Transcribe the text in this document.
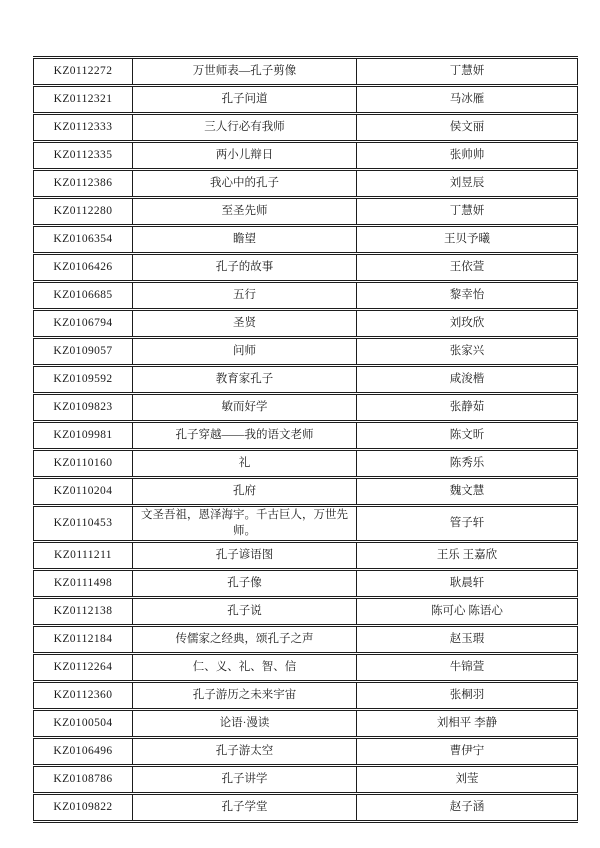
KZ0112272	万世师表—孔子剪像	丁慧妍
KZ0112321	孔子问道	马冰雁
KZ0112333	三人行必有我师	侯文丽
KZ0112335	两小儿辩日	张帅帅
KZ0112386	我心中的孔子	刘昱辰
KZ0112280	至圣先师	丁慧妍
KZ0106354	瞻望	王贝予曦
KZ0106426	孔子的故事	王依萱
KZ0106685	五行	黎幸怡
KZ0106794	圣贤	刘玫欣
KZ0109057	问师	张家兴
KZ0109592	教育家孔子	咸浚楷
KZ0109823	敏而好学	张静茹
KZ0109981	孔子穿越——我的语文老师	陈文昕
KZ0110160	礼	陈秀乐
KZ0110204	孔府	魏文慧
KZ0110453	文圣吾祖，恩泽海宇。千古巨人，万世先师。	管子轩
KZ0111211	孔子谚语图	王乐 王嘉欣
KZ0111498	孔子像	耿晨轩
KZ0112138	孔子说	陈可心 陈语心
KZ0112184	传儒家之经典，颂孔子之声	赵玉瑕
KZ0112264	仁、义、礼、智、信	牛锦萱
KZ0112360	孔子游历之未来宇宙	张桐羽
KZ0100504	论语·漫读	刘相平 李静
KZ0106496	孔子游太空	曹伊宁
KZ0108786	孔子讲学	刘莹
KZ0109822	孔子学堂	赵子涵
